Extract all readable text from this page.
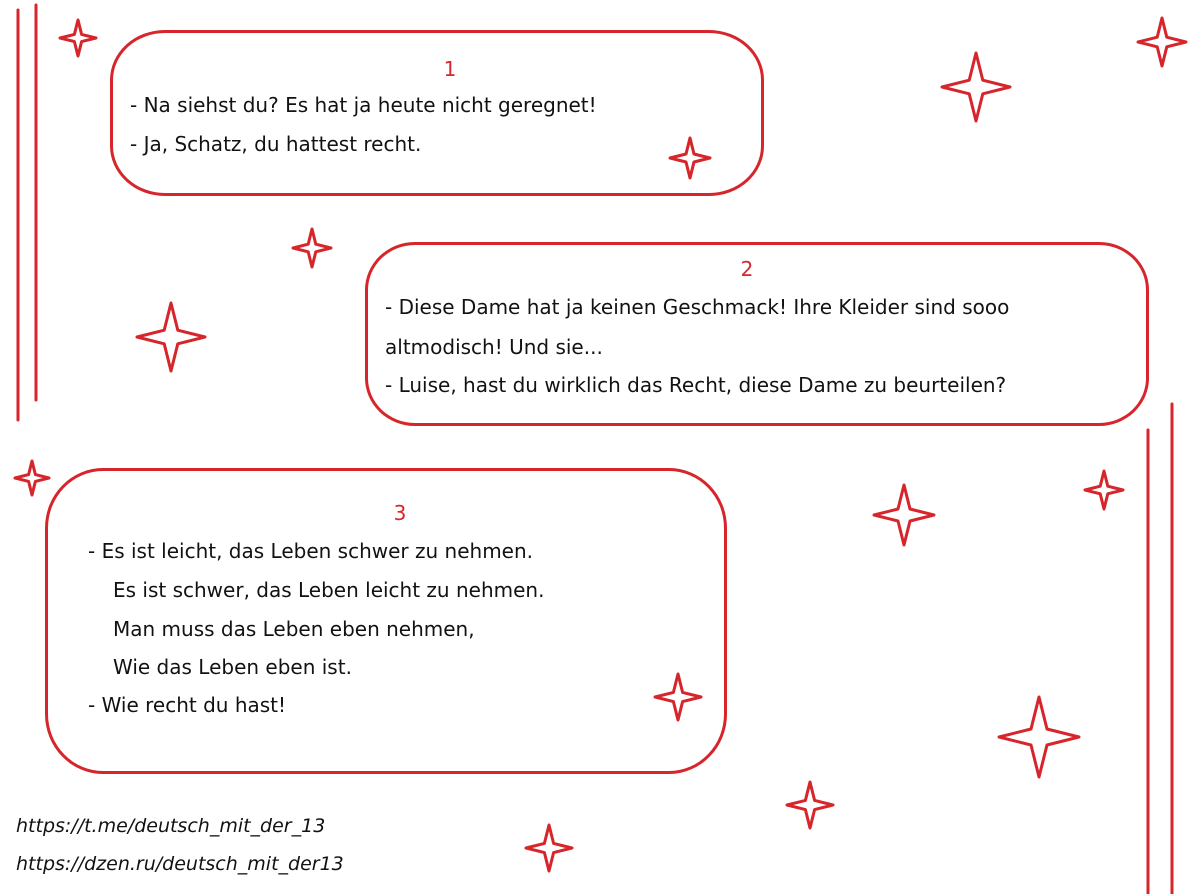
1
- Na siehst du? Es hat ja heute nicht geregnet!
- Ja, Schatz, du hattest recht.
2
- Diese Dame hat ja keinen Geschmack! Ihre Kleider sind sooo
altmodisch! Und sie...
- Luise, hast du wirklich das Recht, diese Dame zu beurteilen?
3
- Es ist leicht, das Leben schwer zu nehmen.
Es ist schwer, das Leben leicht zu nehmen.
Man muss das Leben eben nehmen,
Wie das Leben eben ist.
- Wie recht du hast!
https://t.me/deutsch_mit_der_13
https://dzen.ru/deutsch_mit_der13
